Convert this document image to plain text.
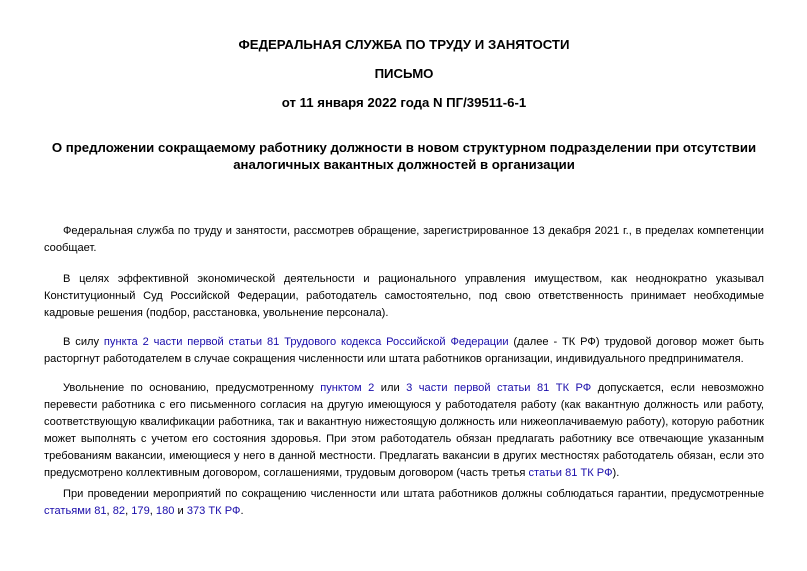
ФЕДЕРАЛЬНАЯ СЛУЖБА ПО ТРУДУ И ЗАНЯТОСТИ
ПИСЬМО
от 11 января 2022 года N ПГ/39511-6-1
О предложении сокращаемому работнику должности в новом структурном подразделении при отсутствии аналогичных вакантных должностей в организации

Федеральная служба по труду и занятости, рассмотрев обращение, зарегистрированное 13 декабря 2021 г., в пределах компетенции сообщает.

В целях эффективной экономической деятельности и рационального управления имуществом, как неоднократно указывал Конституционный Суд Российской Федерации, работодатель самостоятельно, под свою ответственность принимает необходимые кадровые решения (подбор, расстановка, увольнение персонала).

В силу пункта 2 части первой статьи 81 Трудового кодекса Российской Федерации (далее - ТК РФ) трудовой договор может быть расторгнут работодателем в случае сокращения численности или штата работников организации, индивидуального предпринимателя.

Увольнение по основанию, предусмотренному пунктом 2 или 3 части первой статьи 81 ТК РФ допускается, если невозможно перевести работника с его письменного согласия на другую имеющуюся у работодателя работу (как вакантную должность или работу, соответствующую квалификации работника, так и вакантную нижестоящую должность или нижеоплачиваемую работу), которую работник может выполнять с учетом его состояния здоровья. При этом работодатель обязан предлагать работнику все отвечающие указанным требованиям вакансии, имеющиеся у него в данной местности. Предлагать вакансии в других местностях работодатель обязан, если это предусмотрено коллективным договором, соглашениями, трудовым договором (часть третья статьи 81 ТК РФ).

При проведении мероприятий по сокращению численности или штата работников должны соблюдаться гарантии, предусмотренные статьями 81, 82, 179, 180 и 373 ТК РФ.
